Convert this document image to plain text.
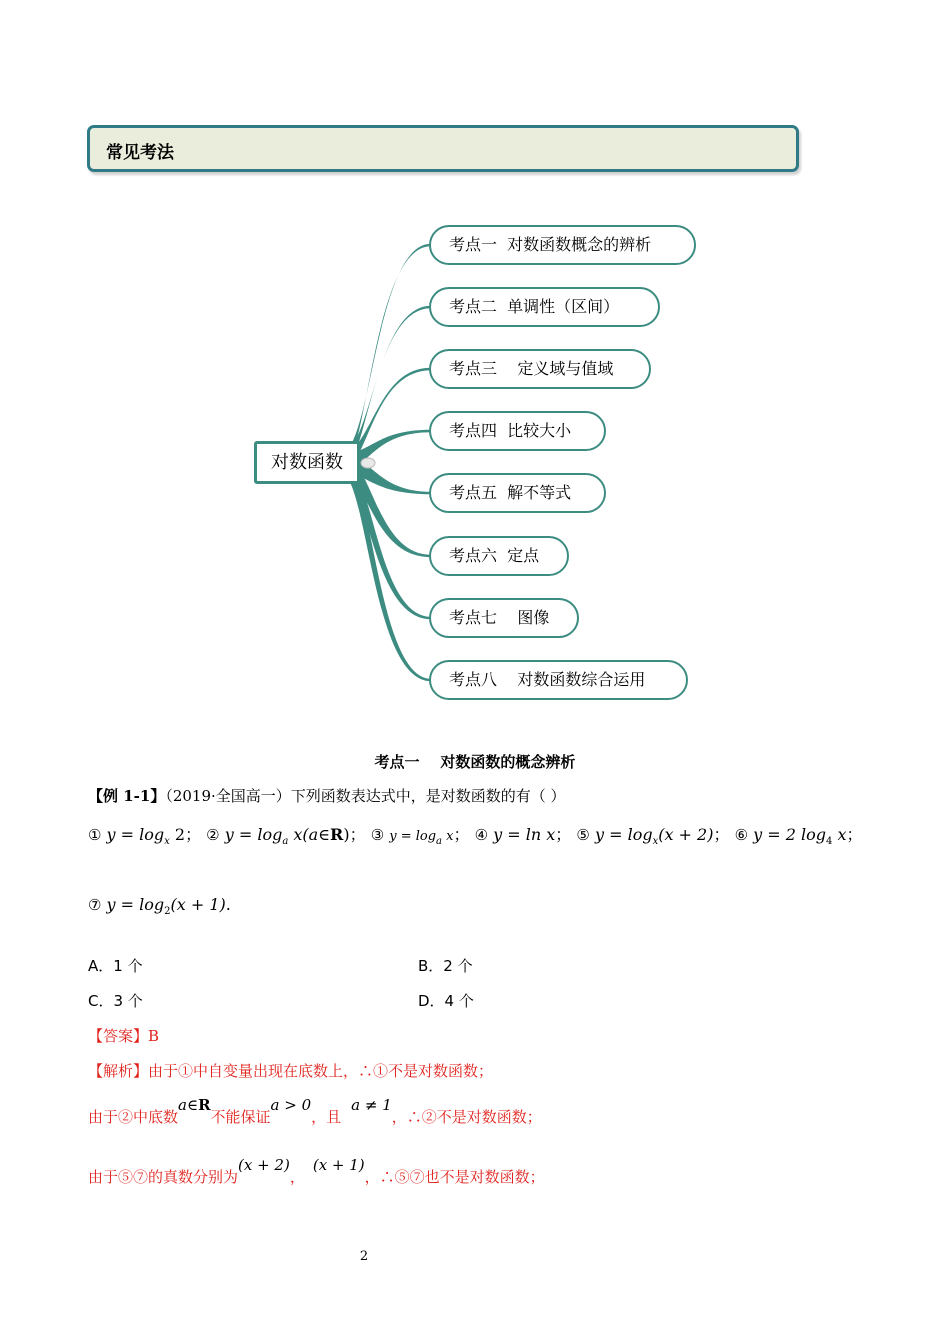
常见考法
对数函数
考点一  对数函数概念的辨析
考点二  单调性（区间）
考点三    定义域与值域
考点四  比较大小
考点五  解不等式
考点六  定点
考点七    图像
考点八    对数函数综合运用
考点一    对数函数的概念辨析
【例 1-1】（2019·全国高一）下列函数表达式中，是对数函数的有（ ）
① $y = \log_x 2$； ② $y = \log_a$ x(a∈R)； ③ $y = \log_a x$； ④ y = ln x； ⑤ $y = \log_x(x + 2)$； ⑥ y = 2 $\log_4 x$；
⑦ $y = \log_2(x + 1)$.
A．1 个	B．2 个
C．3 个	D．4 个
【答案】B
【解析】由于①中自变量出现在底数上，∴①不是对数函数；
由于②中底数a∈R不能保证a > 0，且a ≠ 1，∴②不是对数函数；
由于⑤⑦的真数分别为(x + 2)，(x + 1)，∴⑤⑦也不是对数函数；
2
